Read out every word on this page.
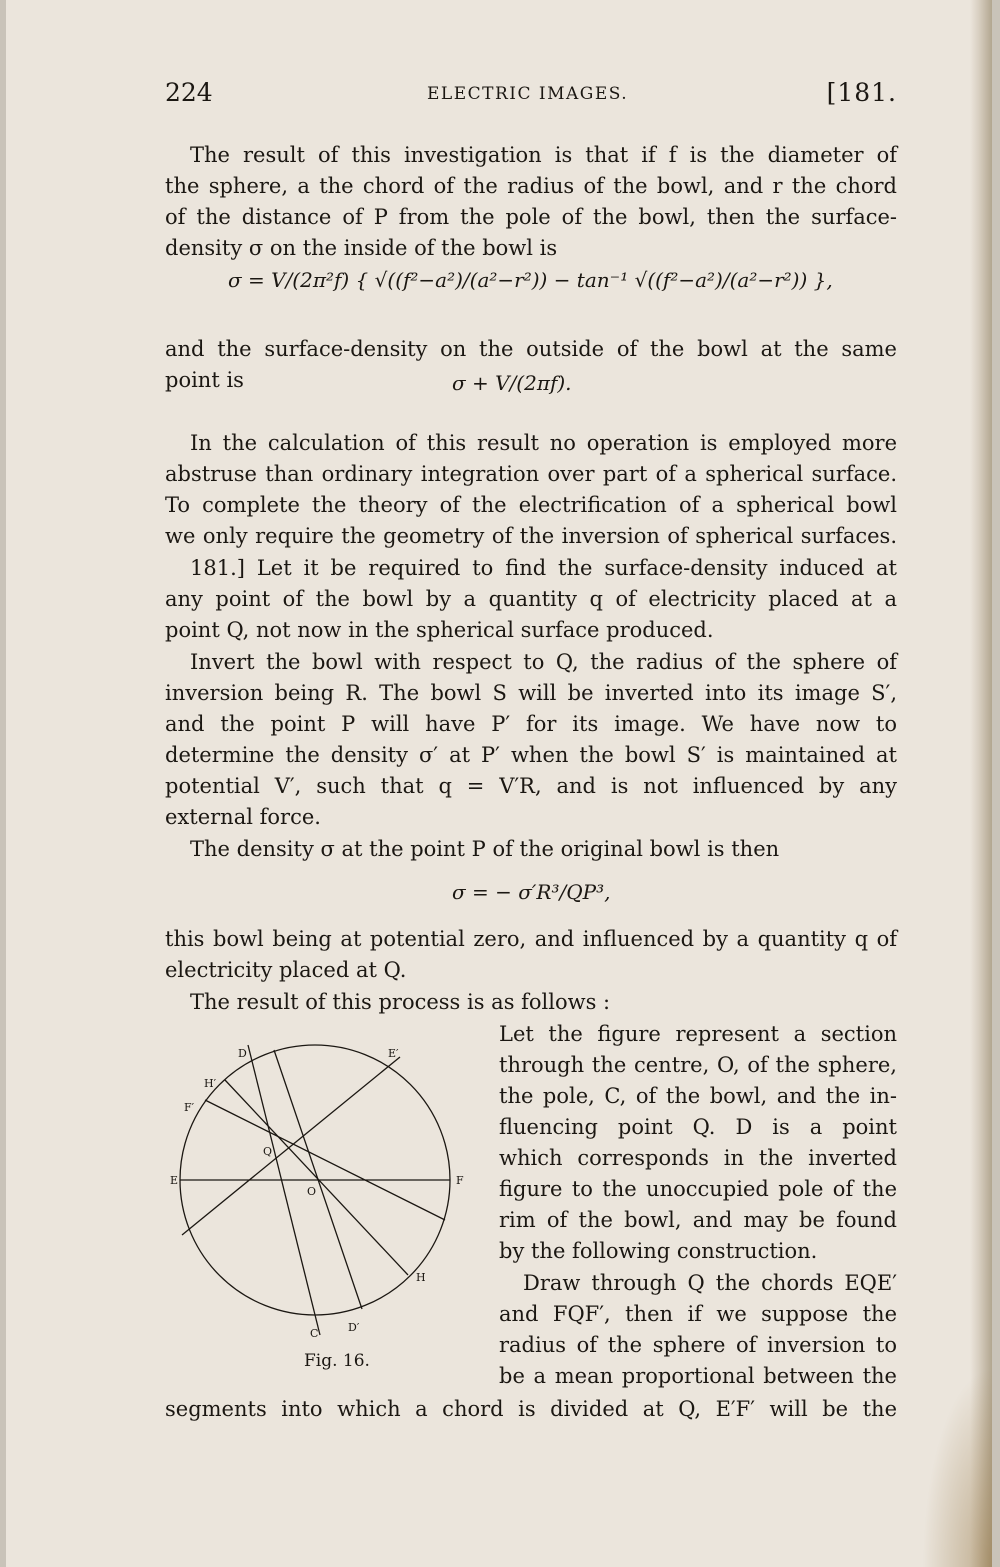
224	ELECTRIC IMAGES.	[181.
The result of this investigation is that if f is the diameter of
the sphere, a the chord of the radius of the bowl, and r the chord
of the distance of P from the pole of the bowl, then the surface-
density σ on the inside of the bowl is
σ = V/(2π²f) { √((f²−a²)/(a²−r²)) − tan⁻¹ √((f²−a²)/(a²−r²)) },
and the surface-density on the outside of the bowl at the same
point is	σ + V/(2πf).
In the calculation of this result no operation is employed more
abstruse than ordinary integration over part of a spherical surface.
To complete the theory of the electrification of a spherical bowl
we only require the geometry of the inversion of spherical surfaces.
181.] Let it be required to find the surface-density induced at
any point of the bowl by a quantity q of electricity placed at a
point Q, not now in the spherical surface produced.
Invert the bowl with respect to Q, the radius of the sphere of
inversion being R. The bowl S will be inverted into its image S′,
and the point P will have P′ for its image. We have now to
determine the density σ′ at P′ when the bowl S′ is maintained at
potential V′, such that q = V′R, and is not influenced by any
external force.
The density σ at the point P of the original bowl is then
σ = − σ′R³/QP³,
this bowl being at potential zero, and influenced by a quantity q of
electricity placed at Q.
The result of this process is as follows :
D	E′
H′
F′
Q
O
E	F
H
C	D′
Fig. 16.
Let the figure represent a section
through the centre, O, of the sphere,
the pole, C, of the bowl, and the in-
fluencing point Q. D is a point
which corresponds in the inverted
figure to the unoccupied pole of the
rim of the bowl, and may be found
by the following construction.
Draw through Q the chords EQE′
and FQF′, then if we suppose the
radius of the sphere of inversion to
be a mean proportional between the
segments into which a chord is divided at Q, E′F′ will be the
